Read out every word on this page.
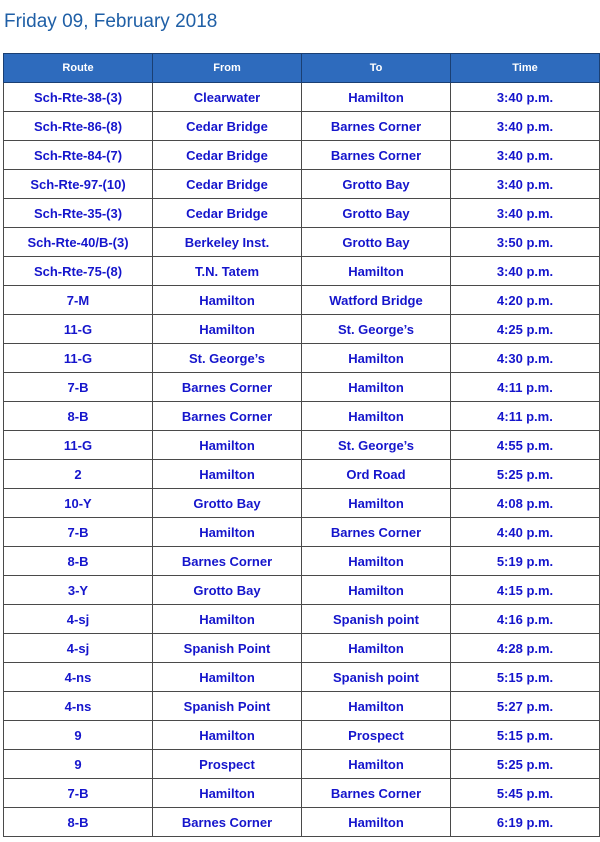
Friday 09, February 2018
Route	From	To	Time
Sch-Rte-38-(3)	Clearwater	Hamilton	3:40 p.m.
Sch-Rte-86-(8)	Cedar Bridge	Barnes Corner	3:40 p.m.
Sch-Rte-84-(7)	Cedar Bridge	Barnes Corner	3:40 p.m.
Sch-Rte-97-(10)	Cedar Bridge	Grotto Bay	3:40 p.m.
Sch-Rte-35-(3)	Cedar Bridge	Grotto Bay	3:40 p.m.
Sch-Rte-40/B-(3)	Berkeley Inst.	Grotto Bay	3:50 p.m.
Sch-Rte-75-(8)	T.N. Tatem	Hamilton	3:40 p.m.
7-M	Hamilton	Watford Bridge	4:20 p.m.
11-G	Hamilton	St. George’s	4:25 p.m.
11-G	St. George’s	Hamilton	4:30 p.m.
7-B	Barnes Corner	Hamilton	4:11 p.m.
8-B	Barnes Corner	Hamilton	4:11 p.m.
11-G	Hamilton	St. George’s	4:55 p.m.
2	Hamilton	Ord Road	5:25 p.m.
10-Y	Grotto Bay	Hamilton	4:08 p.m.
7-B	Hamilton	Barnes Corner	4:40 p.m.
8-B	Barnes Corner	Hamilton	5:19 p.m.
3-Y	Grotto Bay	Hamilton	4:15 p.m.
4-sj	Hamilton	Spanish point	4:16 p.m.
4-sj	Spanish Point	Hamilton	4:28 p.m.
4-ns	Hamilton	Spanish point	5:15 p.m.
4-ns	Spanish Point	Hamilton	5:27 p.m.
9	Hamilton	Prospect	5:15 p.m.
9	Prospect	Hamilton	5:25 p.m.
7-B	Hamilton	Barnes Corner	5:45 p.m.
8-B	Barnes Corner	Hamilton	6:19 p.m.
